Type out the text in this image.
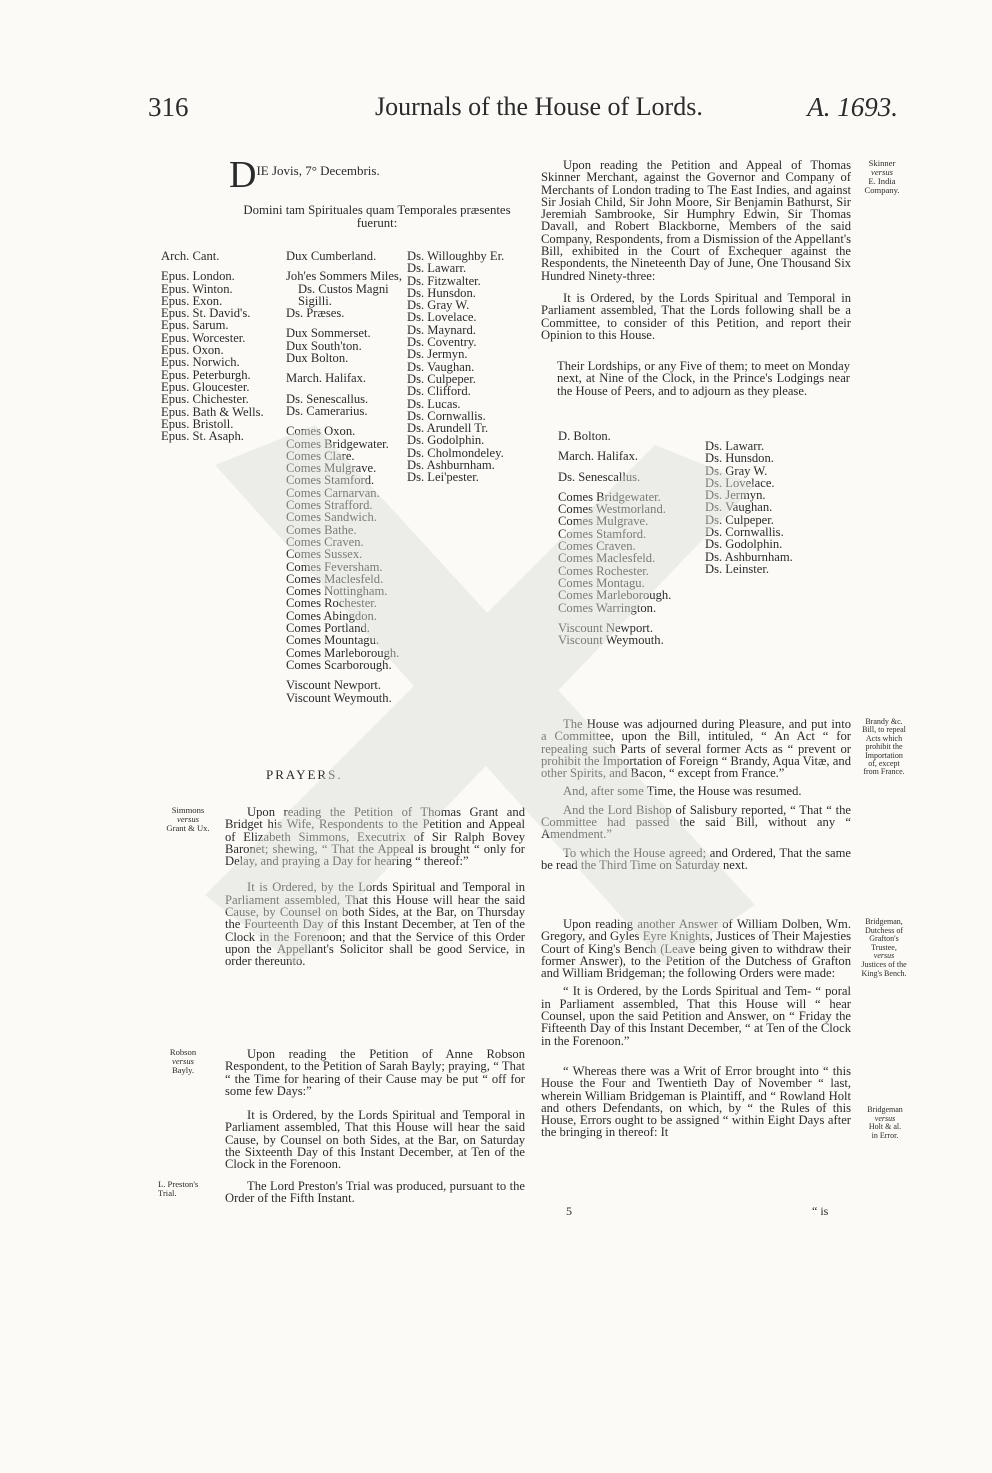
316	Journals of the House of Lords.	A. 1693.
$D^{IE Jovis, 7^\circ Decembris.}$
Domini tam Spirituales quam Temporales præsentes
fuerunt:
Arch. Cant.
Epus. London.
Epus. Winton.
Epus. Exon.
Epus. St. David's.
Epus. Sarum.
Epus. Worcester.
Epus. Oxon.
Epus. Norwich.
Epus. Peterburgh.
Epus. Gloucester.
Epus. Chichester.
Epus. Bath & Wells.
Epus. Bristoll.
Epus. St. Asaph.
Dux Cumberland.
Joh'es Sommers Miles,
Ds. Custos Magni
Sigilli.
Ds. Præses.
Dux Sommerset.
Dux South'ton.
Dux Bolton.
March. Halifax.
Ds. Senescallus.
Ds. Camerarius.
Comes Oxon.
Comes Bridgewater.
Comes Clare.
Comes Mulgrave.
Comes Stamford.
Comes Carnarvan.
Comes Strafford.
Comes Sandwich.
Comes Bathe.
Comes Craven.
Comes Sussex.
Comes Feversham.
Comes Maclesfeld.
Comes Nottingham.
Comes Rochester.
Comes Abingdon.
Comes Portland.
Comes Mountagu.
Comes Marleborough.
Comes Scarborough.
Viscount Newport.
Viscount Weymouth.
Ds. Willoughby Er.
Ds. Lawarr.
Ds. Fitzwalter.
Ds. Hunsdon.
Ds. Gray W.
Ds. Lovelace.
Ds. Maynard.
Ds. Coventry.
Ds. Jermyn.
Ds. Vaughan.
Ds. Culpeper.
Ds. Clifford.
Ds. Lucas.
Ds. Cornwallis.
Ds. Arundell Tr.
Ds. Godolphin.
Ds. Cholmondeley.
Ds. Ashburnham.
Ds. Lei'pester.
PRAYERS.
Simmons
versus
Grant & Ux.
Robson
versus
Bayly.
L. Preston's
Trial.

Upon reading the Petition of Thomas Grant and Bridget his Wife, Respondents to the Petition and Appeal of Elizabeth Simmons, Executrix of Sir Ralph Bovey Baronet; shewing, “ That the Appeal is brought “ only for Delay, and praying a Day for hearing “ thereof:”

It is Ordered, by the Lords Spiritual and Temporal in Parliament assembled, That this House will hear the said Cause, by Counsel on both Sides, at the Bar, on Thursday the Fourteenth Day of this Instant December, at Ten of the Clock in the Forenoon; and that the Service of this Order upon the Appellant's Solicitor shall be good Service, in order thereunto.

Upon reading the Petition of Anne Robson Respondent, to the Petition of Sarah Bayly; praying, “ That “ the Time for hearing of their Cause may be put “ off for some few Days:”

It is Ordered, by the Lords Spiritual and Temporal in Parliament assembled, That this House will hear the said Cause, by Counsel on both Sides, at the Bar, on Saturday the Sixteenth Day of this Instant December, at Ten of the Clock in the Forenoon.

The Lord Preston's Trial was produced, pursuant to the Order of the Fifth Instant.

Skinner
versus
E. India
Company.
Brandy &c.
Bill, to repeal
Acts which
prohibit the
Importation
of, except
from France.
Bridgeman,
Dutchess of
Grafton's
Trustee,
versus
Justices of the
King's Bench.
Bridgeman
versus
Holt & al.
in Error.

Upon reading the Petition and Appeal of Thomas Skinner Merchant, against the Governor and Company of Merchants of London trading to The East Indies, and against Sir Josiah Child, Sir John Moore, Sir Benjamin Bathurst, Sir Jeremiah Sambrooke, Sir Humphry Edwin, Sir Thomas Davall, and Robert Blackborne, Members of the said Company, Respondents, from a Dismission of the Appellant's Bill, exhibited in the Court of Exchequer against the Respondents, the Nineteenth Day of June, One Thousand Six Hundred Ninety-three:

It is Ordered, by the Lords Spiritual and Temporal in Parliament assembled, That the Lords following shall be a Committee, to consider of this Petition, and report their Opinion to this House.

Their Lordships, or any Five of them; to meet on Monday next, at Nine of the Clock, in the Prince's Lodgings near the House of Peers, and to adjourn as they please.

D. Bolton.
March. Halifax.
Ds. Senescallus.
Comes Bridgewater.
Comes Westmorland.
Comes Mulgrave.
Comes Stamford.
Comes Craven.
Comes Maclesfeld.
Comes Rochester.
Comes Montagu.
Comes Marleborough.
Comes Warrington.
Viscount Newport.
Viscount Weymouth.
Ds. Lawarr.
Ds. Hunsdon.
Ds. Gray W.
Ds. Lovelace.
Ds. Jermyn.
Ds. Vaughan.
Ds. Culpeper.
Ds. Cornwallis.
Ds. Godolphin.
Ds. Ashburnham.
Ds. Leinster.

The House was adjourned during Pleasure, and put into a Committee, upon the Bill, intituled, “ An Act “ for repealing such Parts of several former Acts as “ prevent or prohibit the Importation of Foreign “ Brandy, Aqua Vitæ, and other Spirits, and Bacon, “ except from France.”

And, after some Time, the House was resumed.

And the Lord Bishop of Salisbury reported, “ That “ the Committee had passed the said Bill, without any “ Amendment.”

To which the House agreed; and Ordered, That the same be read the Third Time on Saturday next.

Upon reading another Answer of William Dolben, Wm. Gregory, and Gyles Eyre Knights, Justices of Their Majesties Court of King's Bench (Leave being given to withdraw their former Answer), to the Petition of the Dutchess of Grafton and William Bridgeman; the following Orders were made:

“ It is Ordered, by the Lords Spiritual and Tem- “ poral in Parliament assembled, That this House will “ hear Counsel, upon the said Petition and Answer, on “ Friday the Fifteenth Day of this Instant December, “ at Ten of the Clock in the Forenoon.”

“ Whereas there was a Writ of Error brought into “ this House the Four and Twentieth Day of November “ last, wherein William Bridgeman is Plaintiff, and “ Rowland Holt and others Defendants, on which, by “ the Rules of this House, Errors ought to be assigned “ within Eight Days after the bringing in thereof: It

5	“ is
